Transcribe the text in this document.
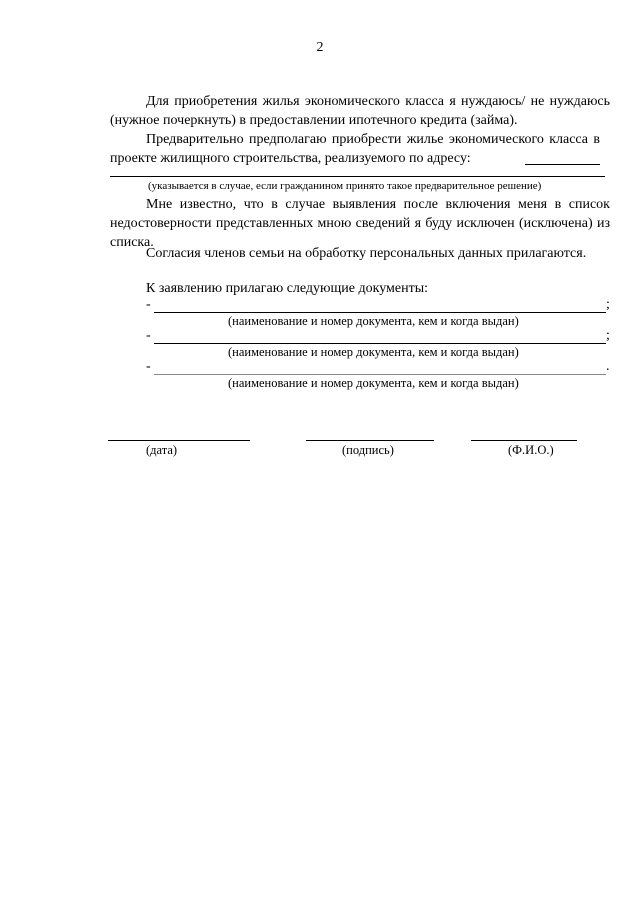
2
Для приобретения жилья экономического класса я нуждаюсь/ не нуждаюсь (нужное почеркнуть) в предоставлении ипотечного кредита (займа).
Предварительно предполагаю приобрести жилье экономического класса в проекте жилищного строительства, реализуемого по адресу:
(указывается в случае, если гражданином принято такое предварительное решение)
Мне известно, что в случае выявления после включения меня в список недостоверности представленных мною сведений я буду исключен (исключена) из списка.
Согласия членов семьи на обработку персональных данных прилагаются.
К заявлению прилагаю следующие документы:
-	;
(наименование и номер документа, кем и когда выдан)
-	;
(наименование и номер документа, кем и когда выдан)
-	.
(наименование и номер документа, кем и когда выдан)
(дата)	(подпись)	(Ф.И.О.)
